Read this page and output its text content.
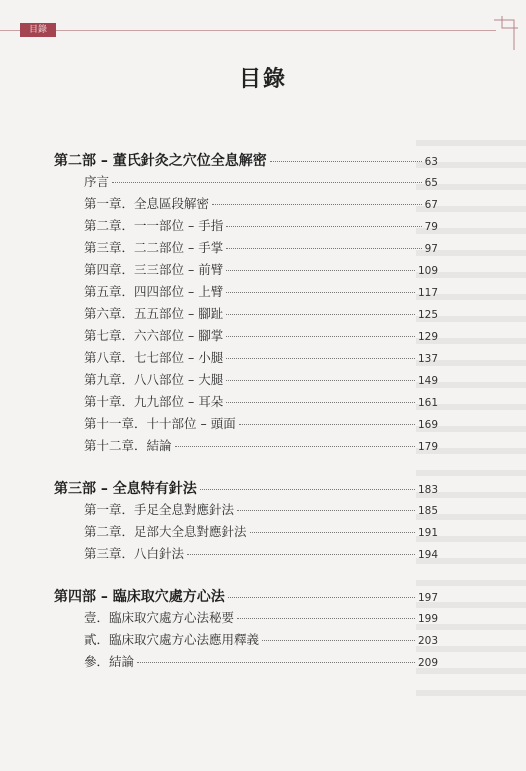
目錄
目錄
第二部 – 董氏針灸之穴位全息解密	63
序言	65
第一章．全息區段解密	67
第二章．一一部位 – 手指	79
第三章．二二部位 – 手掌	97
第四章．三三部位 – 前臂	109
第五章．四四部位 – 上臂	117
第六章．五五部位 – 腳趾	125
第七章．六六部位 – 腳掌	129
第八章．七七部位 – 小腿	137
第九章．八八部位 – 大腿	149
第十章．九九部位 – 耳朵	161
第十一章．十十部位 – 頭面	169
第十二章．結論	179
第三部 – 全息特有針法	183
第一章．手足全息對應針法	185
第二章．足部大全息對應針法	191
第三章．八白針法	194
第四部 – 臨床取穴處方心法	197
壹．臨床取穴處方心法秘要	199
貳．臨床取穴處方心法應用釋義	203
參．結論	209
